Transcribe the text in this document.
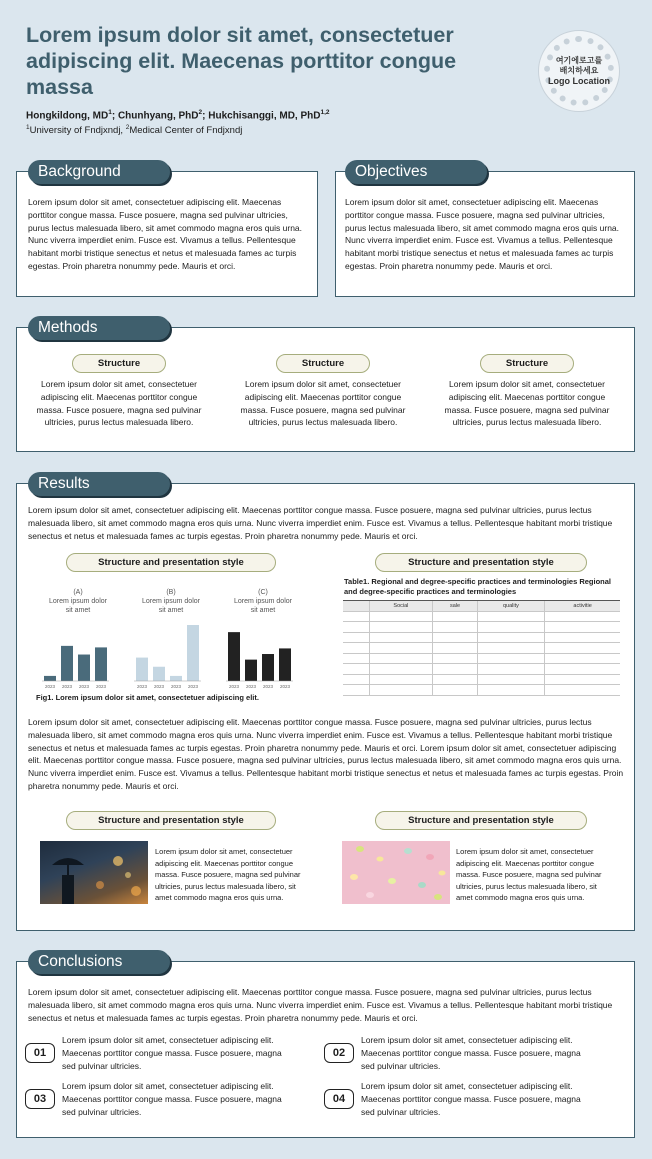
Lorem ipsum dolor sit amet, consectetuer adipiscing elit. Maecenas porttitor congue massa
Hongkildong, $MD^1$; Chunhyang, PhD$^2$; Hukchisanggi, MD, PhD$^{1,2}$
$^1$University of Fndjxndj, $^2$Medical Center of Fndjxndj
여기에로고를
배치하세요
Logo Location
Background
Lorem ipsum dolor sit amet, consectetuer adipiscing elit. Maecenas porttitor congue massa. Fusce posuere, magna sed pulvinar ultricies, purus lectus malesuada libero, sit amet commodo magna eros quis urna. Nunc viverra imperdiet enim. Fusce est. Vivamus a tellus. Pellentesque habitant morbi tristique senectus et netus et malesuada fames ac turpis egestas. Proin pharetra nonummy pede. Mauris et orci.
Objectives
Lorem ipsum dolor sit amet, consectetuer adipiscing elit. Maecenas porttitor congue massa. Fusce posuere, magna sed pulvinar ultricies, purus lectus malesuada libero, sit amet commodo magna eros quis urna. Nunc viverra imperdiet enim. Fusce est. Vivamus a tellus. Pellentesque habitant morbi tristique senectus et netus et malesuada fames ac turpis egestas. Proin pharetra nonummy pede. Mauris et orci.
Methods
Structure
Lorem ipsum dolor sit amet, consectetuer adipiscing elit. Maecenas porttitor congue massa. Fusce posuere, magna sed pulvinar ultricies, purus lectus malesuada libero.
Structure
Lorem ipsum dolor sit amet, consectetuer adipiscing elit. Maecenas porttitor congue massa. Fusce posuere, magna sed pulvinar ultricies, purus lectus malesuada libero.
Structure
Lorem ipsum dolor sit amet, consectetuer adipiscing elit. Maecenas porttitor congue massa. Fusce posuere, magna sed pulvinar ultricies, purus lectus malesuada libero.
Results
Lorem ipsum dolor sit amet, consectetuer adipiscing elit. Maecenas porttitor congue massa. Fusce posuere, magna sed pulvinar ultricies, purus lectus malesuada libero, sit amet commodo magna eros quis urna. Nunc viverra imperdiet enim. Fusce est. Vivamus a tellus. Pellentesque habitant morbi tristique senectus et netus et malesuada fames ac turpis egestas. Proin pharetra nonummy pede. Mauris et orci.
Structure and presentation style	Structure and presentation style
(B)
(A)
Lorem ipsum dolor sit amet
Lorem ipsum dolor sit amet
(C)
Lorem ipsum dolor sit amet
2023 2023 2023 2023	2023 2023 2023 2023	2023 2023 2023 2023
Fig1. Lorem ipsum dolor sit amet, consectetuer adipiscing elit.
Table1. Regional and degree-specific practices and terminologies Regional and degree-specific practices and terminologies
	Social	sale	quality	activitie

Lorem ipsum dolor sit amet, consectetuer adipiscing elit. Maecenas porttitor congue massa. Fusce posuere, magna sed pulvinar ultricies, purus lectus malesuada libero, sit amet commodo magna eros quis urna. Nunc viverra imperdiet enim. Fusce est. Vivamus a tellus. Pellentesque habitant morbi tristique senectus et netus et malesuada fames ac turpis egestas. Proin pharetra nonummy pede. Mauris et orci. Lorem ipsum dolor sit amet, consectetuer adipiscing elit. Maecenas porttitor congue massa. Fusce posuere, magna sed pulvinar ultricies, purus lectus malesuada libero, sit amet commodo magna eros quis urna. Nunc viverra imperdiet enim. Fusce est. Vivamus a tellus. Pellentesque habitant morbi tristique senectus et netus et malesuada fames ac turpis egestas. Proin pharetra nonummy pede. Mauris et orci.
Structure and presentation style	Structure and presentation style
Lorem ipsum dolor sit amet, consectetuer adipiscing elit. Maecenas porttitor congue massa. Fusce posuere, magna sed pulvinar ultricies, purus lectus malesuada libero, sit amet commodo magna eros quis urna.
Lorem ipsum dolor sit amet, consectetuer adipiscing elit. Maecenas porttitor congue massa. Fusce posuere, magna sed pulvinar ultricies, purus lectus malesuada libero, sit amet commodo magna eros quis urna.
Conclusions
Lorem ipsum dolor sit amet, consectetuer adipiscing elit. Maecenas porttitor congue massa. Fusce posuere, magna sed pulvinar ultricies, purus lectus malesuada libero, sit amet commodo magna eros quis urna. Nunc viverra imperdiet enim. Fusce est. Vivamus a tellus. Pellentesque habitant morbi tristique senectus et netus et malesuada fames ac turpis egestas. Proin pharetra nonummy pede. Mauris et orci.
01
Lorem ipsum dolor sit amet, consectetuer adipiscing elit. Maecenas porttitor congue massa. Fusce posuere, magna sed pulvinar ultricies.
02
Lorem ipsum dolor sit amet, consectetuer adipiscing elit. Maecenas porttitor congue massa. Fusce posuere, magna sed pulvinar ultricies.
03
Lorem ipsum dolor sit amet, consectetuer adipiscing elit. Maecenas porttitor congue massa. Fusce posuere, magna sed pulvinar ultricies.
04
Lorem ipsum dolor sit amet, consectetuer adipiscing elit. Maecenas porttitor congue massa. Fusce posuere, magna sed pulvinar ultricies.
